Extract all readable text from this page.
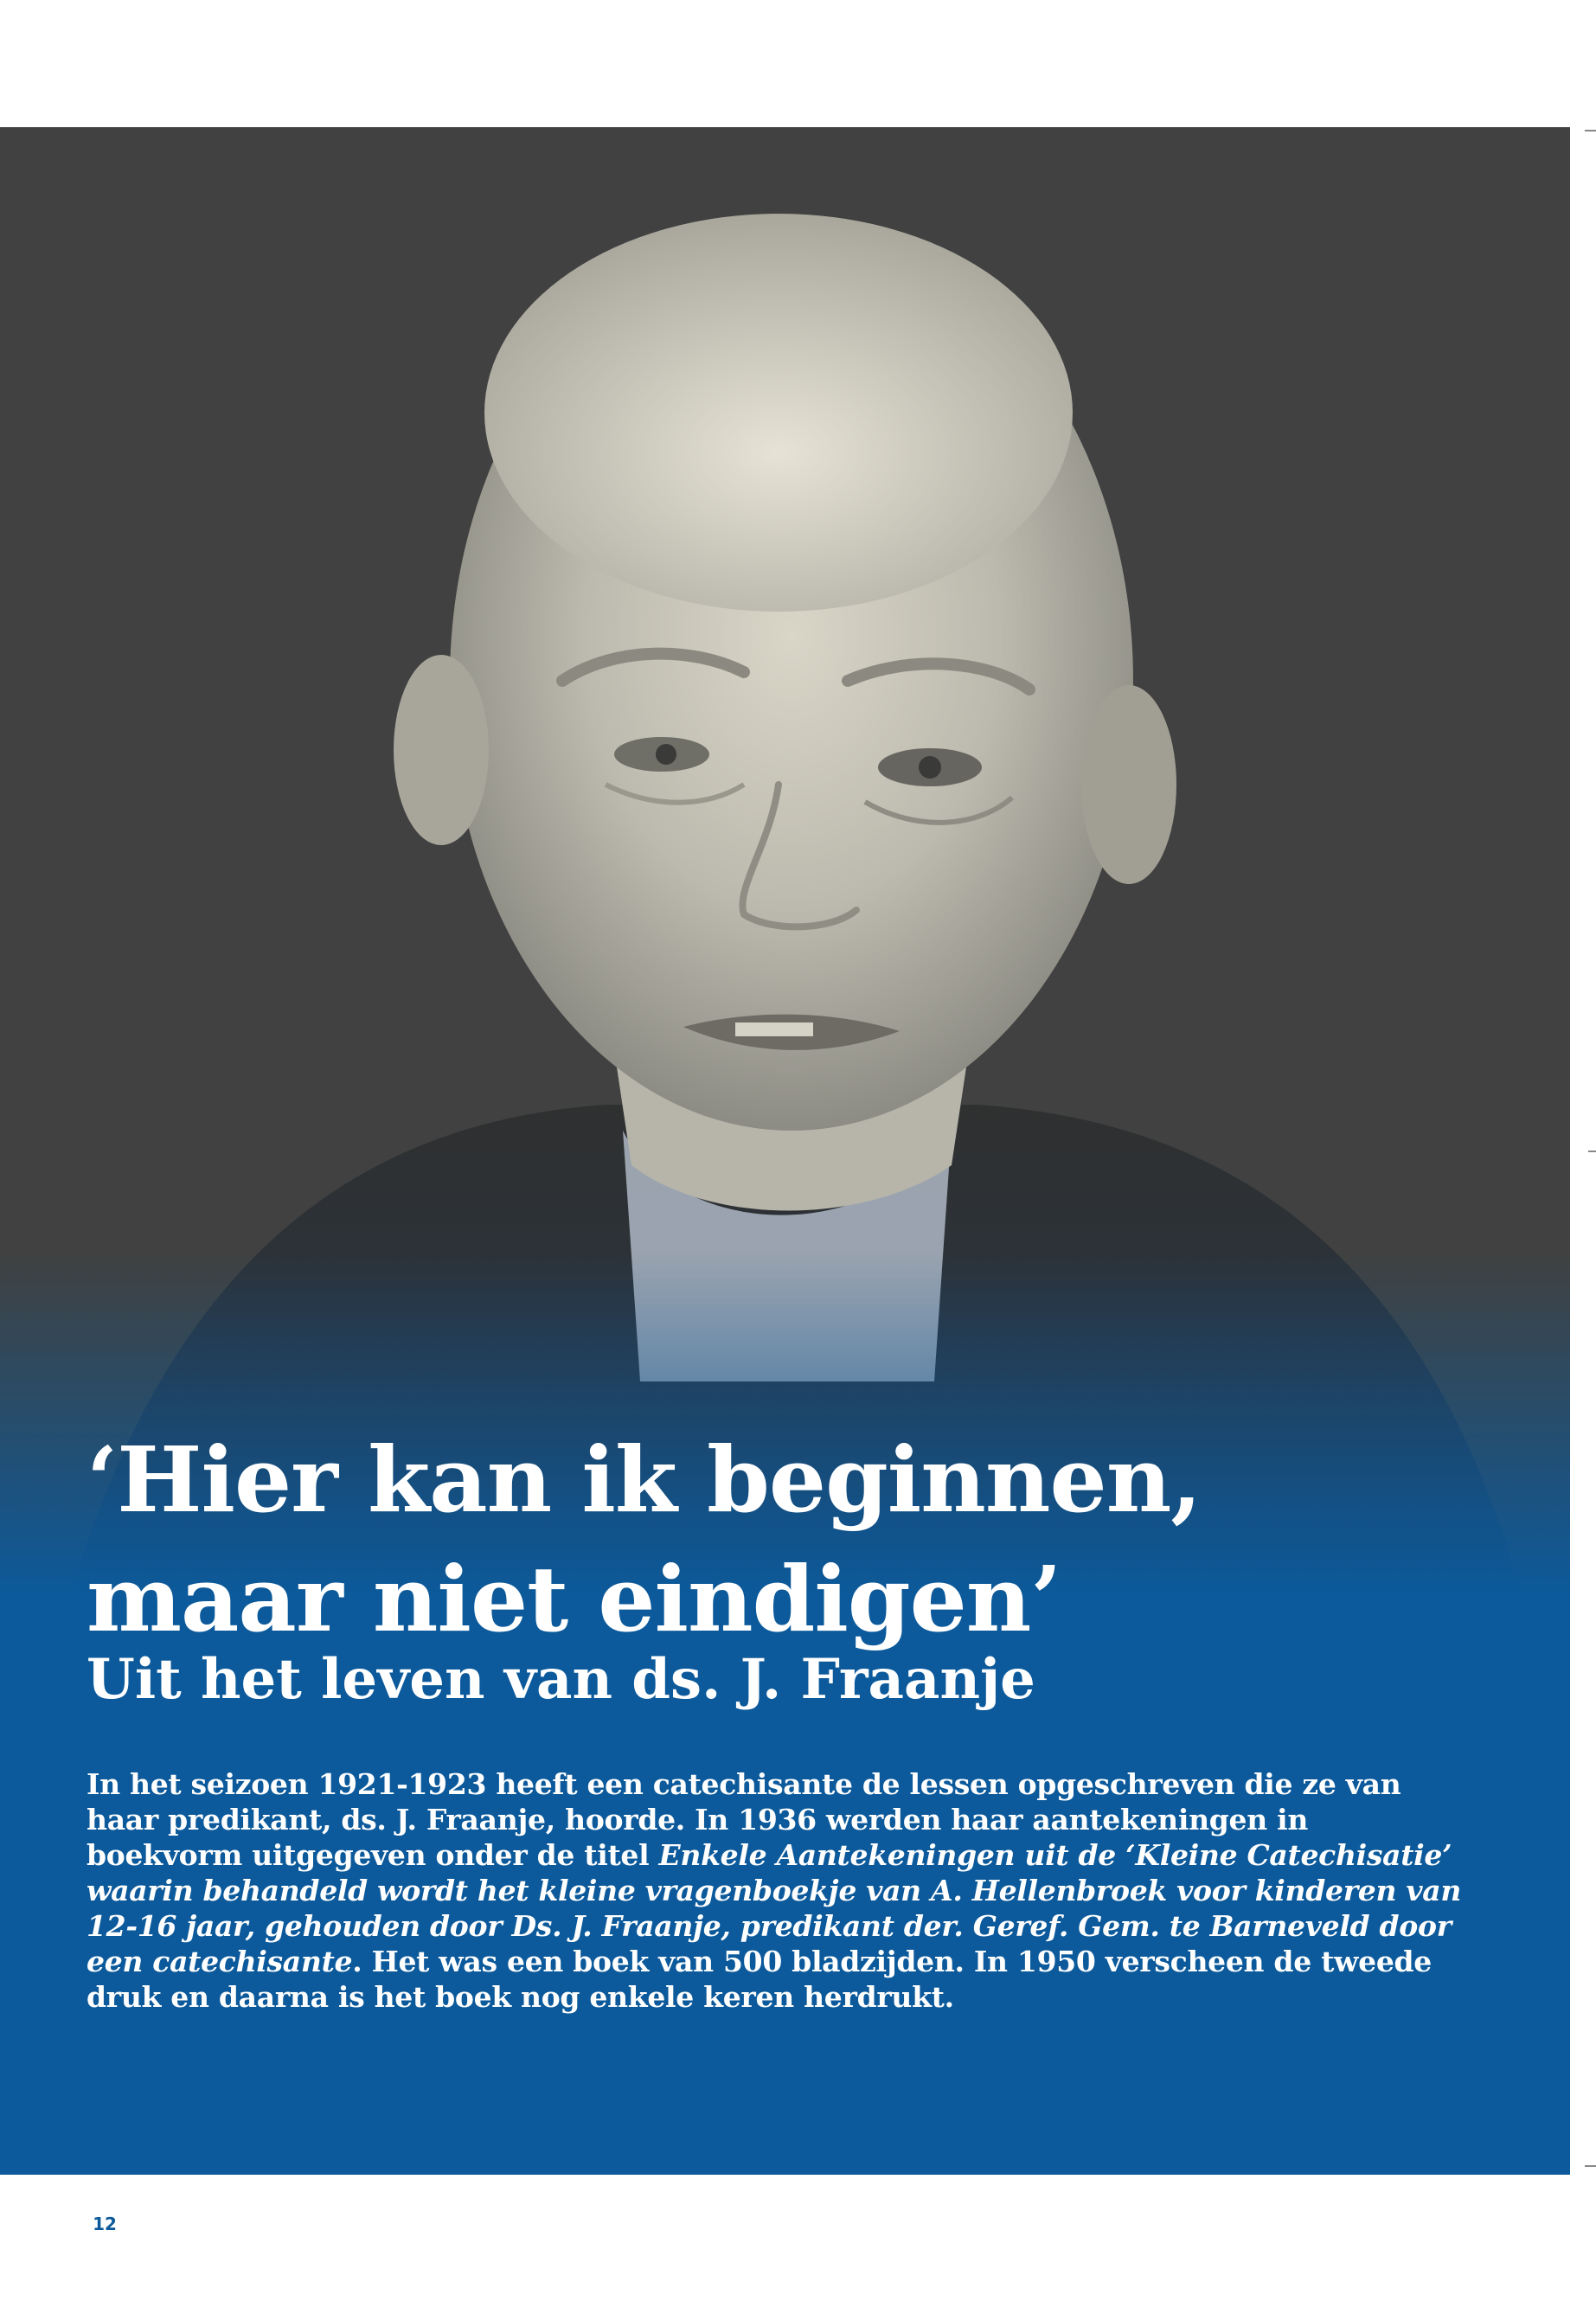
‘Hier kan ik beginnen,
maar niet eindigen’
Uit het leven van ds. J. Fraanje

In het seizoen 1921-1923 heeft een catechisante de lessen opgeschreven die ze van haar predikant, ds. J. Fraanje, hoorde. In 1936 werden haar aantekeningen in boekvorm uitgegeven onder de titel Enkele Aantekeningen uit de ‘Kleine Catechisatie’ waarin behandeld wordt het kleine vragenboekje van A. Hellenbroek voor kinderen van 12-16 jaar, gehouden door Ds. J. Fraanje, predikant der. Geref. Gem. te Barneveld door een catechisante. Het was een boek van 500 bladzijden. In 1950 verscheen de tweede druk en daarna is het boek nog enkele keren herdrukt.

12	SEPTEMBER 2021 / 3
